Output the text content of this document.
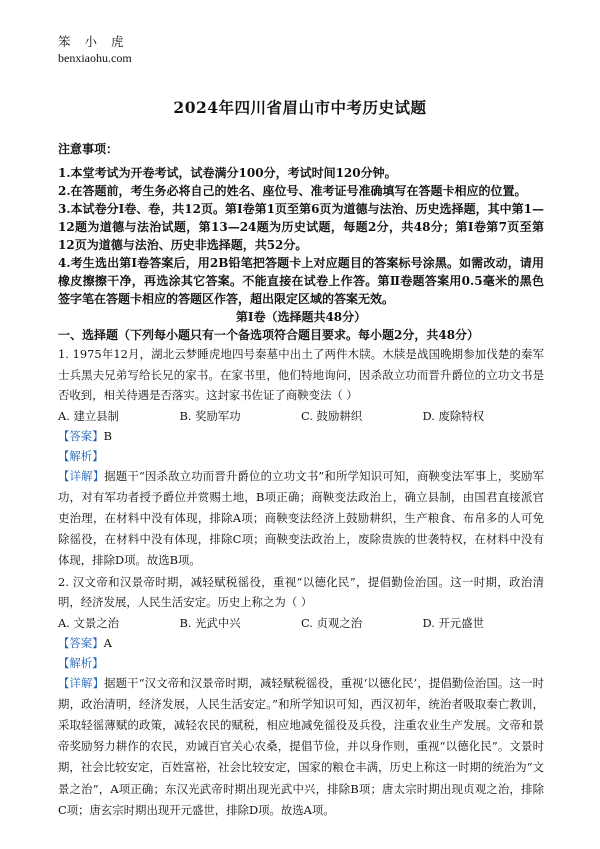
笨小虎
benxiaohu.com
2024年四川省眉山市中考历史试题
注意事项：

1.本堂考试为开卷考试，试卷满分100分，考试时间120分钟。

2.在答题前，考生务必将自己的姓名、座位号、准考证号准确填写在答题卡相应的位置。

3.本试卷分I卷、卷，共12页。第I卷第1页至第6页为道德与法治、历史选择题，其中第1—12题为道德与法治试题，第13—24题为历史试题，每题2分，共48分；第I卷第7页至第12页为道德与法治、历史非选择题，共52分。

4.考生选出第I卷答案后，用2B铅笔把答题卡上对应题目的答案标号涂黑。如需改动，请用橡皮擦擦干净，再选涂其它答案。不能直接在试卷上作答。第Ⅱ卷题答案用0.5毫米的黑色签字笔在答题卡相应的答题区作答，超出限定区域的答案无效。

第I卷（选择题共48分）
一、选择题（下列每小题只有一个备选项符合题目要求。每小题2分，共48分）

1. 1975年12月，湖北云梦睡虎地四号秦墓中出土了两件木牍。木牍是战国晚期参加伐楚的秦军士兵黑夫兄弟写给长兄的家书。在家书里，他们特地询问，因杀敌立功而晋升爵位的立功文书是否收到，相关待遇是否落实。这封家书佐证了商鞅变法（ ）

A. 建立县制	B. 奖励军功	C. 鼓励耕织	D. 废除特权
【答案】B
【解析】

【详解】据题干“因杀敌立功而晋升爵位的立功文书”和所学知识可知，商鞅变法军事上，奖励军功，对有军功者授予爵位并赏赐土地，B项正确；商鞅变法政治上，确立县制，由国君直接派官吏治理，在材料中没有体现，排除A项；商鞅变法经济上鼓励耕织，生产粮食、布帛多的人可免除徭役，在材料中没有体现，排除C项；商鞅变法政治上，废除贵族的世袭特权，在材料中没有体现，排除D项。故选B项。

2. 汉文帝和汉景帝时期，减轻赋税徭役，重视“以德化民”，提倡勤俭治国。这一时期，政治清明，经济发展，人民生活安定。历史上称之为（ ）

A. 文景之治	B. 光武中兴	C. 贞观之治	D. 开元盛世
【答案】A
【解析】

【详解】据题干“汉文帝和汉景帝时期，减轻赋税徭役，重视‘以德化民’，提倡勤俭治国。这一时期，政治清明，经济发展，人民生活安定。”和所学知识可知，西汉初年，统治者吸取秦亡教训，采取轻徭薄赋的政策，减轻农民的赋税，相应地减免徭役及兵役，注重农业生产发展。文帝和景帝奖励努力耕作的农民，劝诫百官关心农桑，提倡节俭，并以身作则，重视“以德化民”。文景时期，社会比较安定，百姓富裕，社会比较安定，国家的粮仓丰满，历史上称这一时期的统治为“文景之治”，A项正确；东汉光武帝时期出现光武中兴，排除B项；唐太宗时期出现贞观之治，排除C项；唐玄宗时期出现开元盛世，排除D项。故选A项。
